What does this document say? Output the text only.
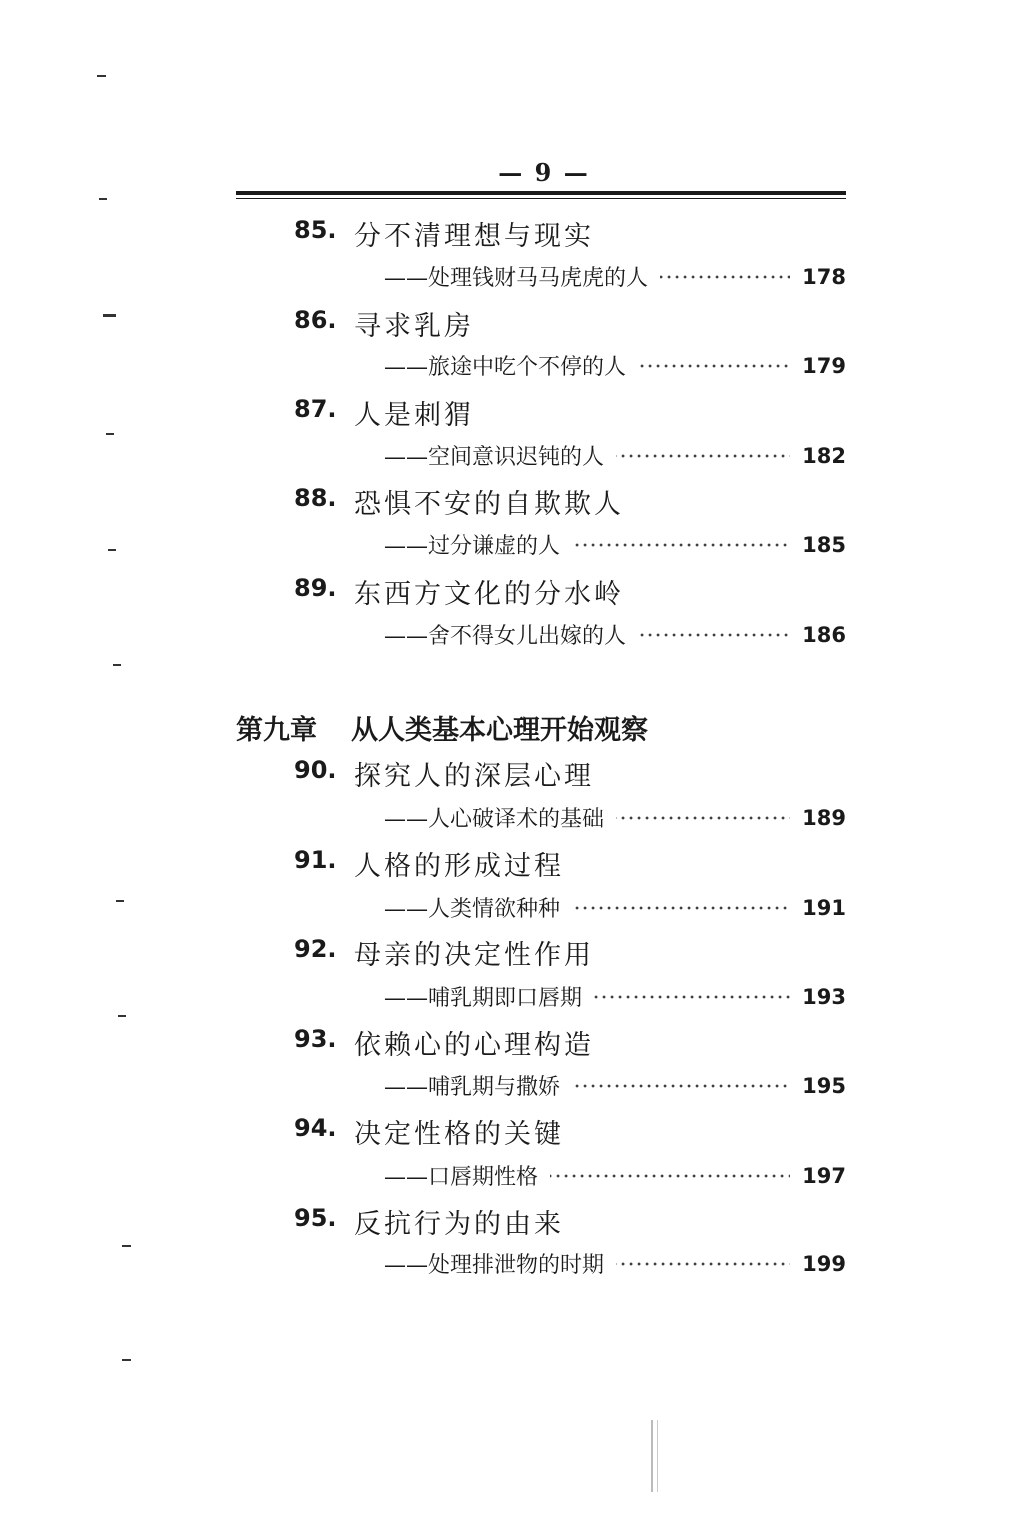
— 9 —
85. 分不清理想与现实
——处理钱财马马虎虎的人	178
86. 寻求乳房
——旅途中吃个不停的人	179
87. 人是刺猬
——空间意识迟钝的人	182
88. 恐惧不安的自欺欺人
——过分谦虚的人	185
89. 东西方文化的分水岭
——舍不得女儿出嫁的人	186
第九章 从人类基本心理开始观察
90. 探究人的深层心理
——人心破译术的基础	189
91. 人格的形成过程
——人类情欲种种	191
92. 母亲的决定性作用
——哺乳期即口唇期	193
93. 依赖心的心理构造
——哺乳期与撒娇	195
94. 决定性格的关键
——口唇期性格	197
95. 反抗行为的由来
——处理排泄物的时期	199
